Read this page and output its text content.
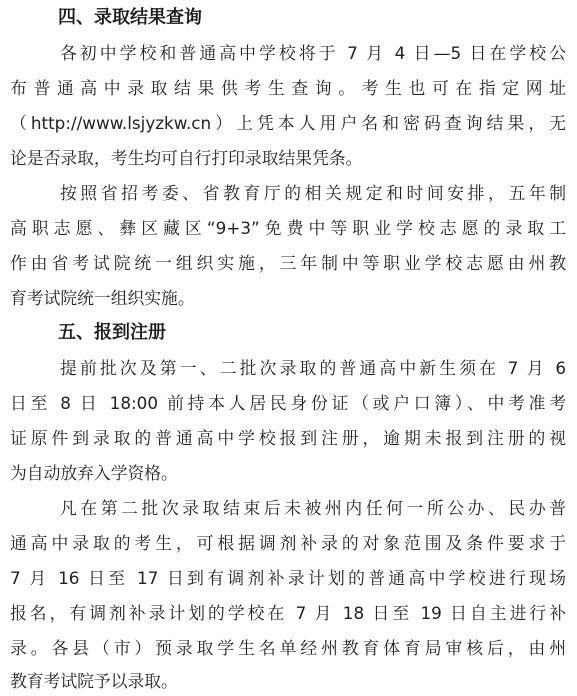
四、录取结果查询
各初中学校和普通高中学校将于 7 月 4 日—5 日在学校公
布普通高中录取结果供考生查询。考生也可在指定网址
（http://www.lsjyzkw.cn）上凭本人用户名和密码查询结果，无
论是否录取，考生均可自行打印录取结果凭条。
按照省招考委、省教育厅的相关规定和时间安排，五年制
高职志愿、彝区藏区“9+3”免费中等职业学校志愿的录取工
作由省考试院统一组织实施，三年制中等职业学校志愿由州教
育考试院统一组织实施。
五、报到注册
提前批次及第一、二批次录取的普通高中新生须在 7 月 6
日至 8 日 18:00 前持本人居民身份证（或户口簿）、中考准考
证原件到录取的普通高中学校报到注册，逾期未报到注册的视
为自动放弃入学资格。
凡在第二批次录取结束后未被州内任何一所公办、民办普
通高中录取的考生，可根据调剂补录的对象范围及条件要求于
7 月 16 日至 17 日到有调剂补录计划的普通高中学校进行现场
报名，有调剂补录计划的学校在 7 月 18 日至 19 日自主进行补
录。各县（市）预录取学生名单经州教育体育局审核后，由州
教育考试院予以录取。
